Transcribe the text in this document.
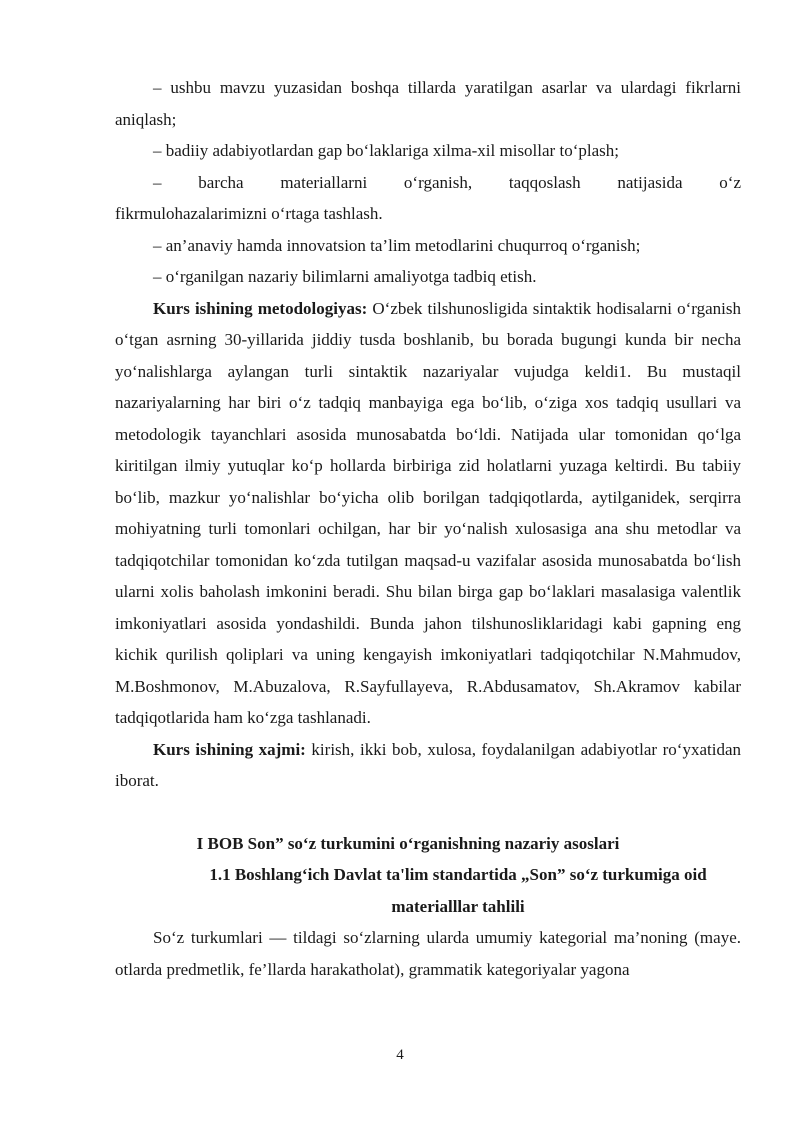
– ushbu mavzu yuzasidan boshqa tillarda yaratilgan asarlar va ulardagi fikrlarni aniqlash;

– badiiy adabiyotlardan gap bo‘laklariga xilma-xil misollar to‘plash;

– barcha materiallarni o‘rganish, taqqoslash natijasida o‘z

fikrmulohazalarimizni o‘rtaga tashlash.

– an’anaviy hamda innovatsion ta’lim metodlarini chuqurroq o‘rganish;

– o‘rganilgan nazariy bilimlarni amaliyotga tadbiq etish.

Kurs ishining metodologiyas: O‘zbek tilshunosligida sintaktik hodisalarni o‘rganish o‘tgan asrning 30-yillarida jiddiy tusda boshlanib, bu borada bugungi kunda bir necha yo‘nalishlarga aylangan turli sintaktik nazariyalar vujudga keldi1. Bu mustaqil nazariyalarning har biri o‘z tadqiq manbayiga ega bo‘lib, o‘ziga xos tadqiq usullari va metodologik tayanchlari asosida munosabatda bo‘ldi. Natijada ular tomonidan qo‘lga kiritilgan ilmiy yutuqlar ko‘p hollarda birbiriga zid holatlarni yuzaga keltirdi. Bu tabiiy bo‘lib, mazkur yo‘nalishlar bo‘yicha olib borilgan tadqiqotlarda, aytilganidek, serqirra mohiyatning turli tomonlari ochilgan, har bir yo‘nalish xulosasiga ana shu metodlar va tadqiqotchilar tomonidan ko‘zda tutilgan maqsad-u vazifalar asosida munosabatda bo‘lish ularni xolis baholash imkonini beradi. Shu bilan birga gap bo‘laklari masalasiga valentlik imkoniyatlari asosida yondashildi. Bunda jahon tilshunosliklaridagi kabi gapning eng kichik qurilish qoliplari va uning kengayish imkoniyatlari tadqiqotchilar N.Mahmudov, M.Boshmonov, M.Abuzalova, R.Sayfullayeva, R.Abdusamatov, Sh.Akramov kabilar tadqiqotlarida ham ko‘zga tashlanadi.

Kurs ishining xajmi: kirish, ikki bob, xulosa, foydalanilgan adabiyotlar ro‘yxatidan iborat.

I BOB Son” so‘z turkumini o‘rganishning nazariy asoslari

1.1 Boshlang‘ich Davlat ta'lim standartida „Son” so‘z turkumiga oid materialllar tahlili

So‘z turkumlari — tildagi so‘zlarning ularda umumiy kategorial ma’noning (mayе. otlarda predmetlik, fe’llarda harakatholat), grammatik kategoriyalar yagona

4
